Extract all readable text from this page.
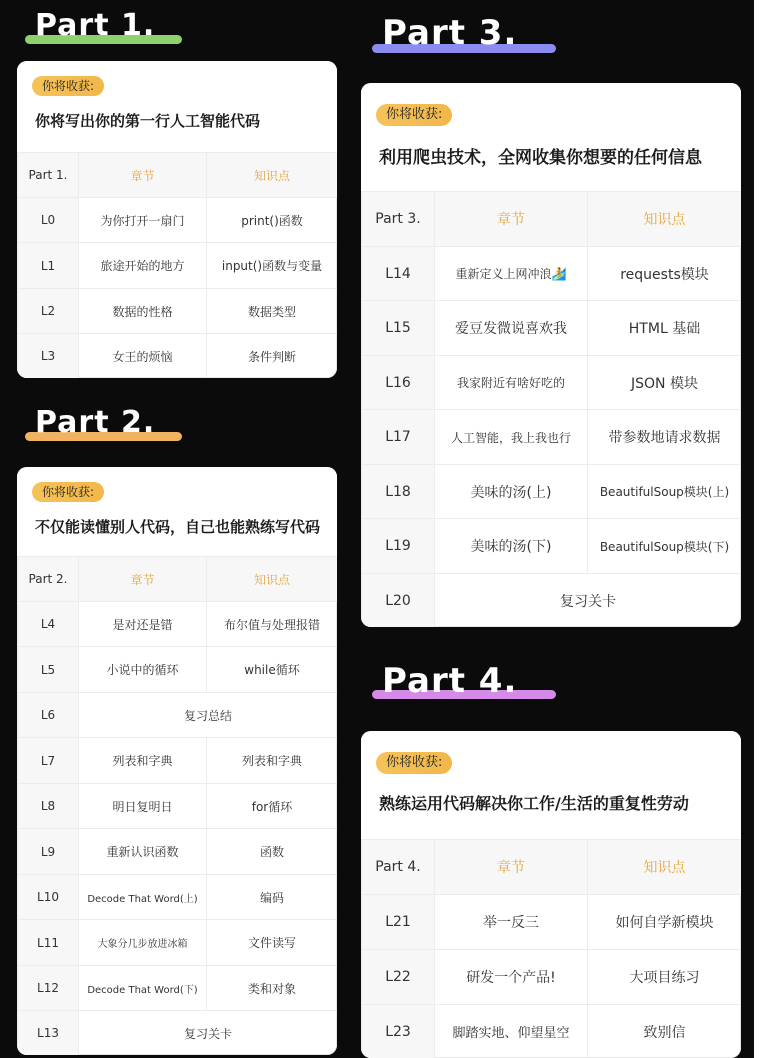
Part 1.
你将收获:
你将写出你的第一行人工智能代码
Part 1.	章节	知识点
L0	为你打开一扇门	print()函数
L1	旅途开始的地方	input()函数与变量
L2	数据的性格	数据类型
L3	女王的烦恼	条件判断
Part 2.
你将收获:
不仅能读懂别人代码，自己也能熟练写代码
Part 2.	章节	知识点
L4	是对还是错	布尔值与处理报错
L5	小说中的循环	while循环
L6	复习总结	
L7	列表和字典	列表和字典
L8	明日复明日	for循环
L9	重新认识函数	函数
L10	Decode That Word(上)	编码
L11	大象分几步放进冰箱	文件读写
L12	Decode That Word(下)	类和对象
L13	复习关卡	
Part 3.
你将收获:
利用爬虫技术，全网收集你想要的任何信息
Part 3.	章节	知识点
L14	重新定义上网冲浪🏄	requests模块
L15	爱豆发微说喜欢我	HTML 基础
L16	我家附近有啥好吃的	JSON 模块
L17	人工智能，我上我也行	带参数地请求数据
L18	美味的汤(上)	BeautifulSoup模块(上)
L19	美味的汤(下)	BeautifulSoup模块(下)
L20	复习关卡	
Part 4.
你将收获:
熟练运用代码解决你工作/生活的重复性劳动
Part 4.	章节	知识点
L21	举一反三	如何自学新模块
L22	研发一个产品!	大项目练习
L23	脚踏实地、仰望星空	致别信
